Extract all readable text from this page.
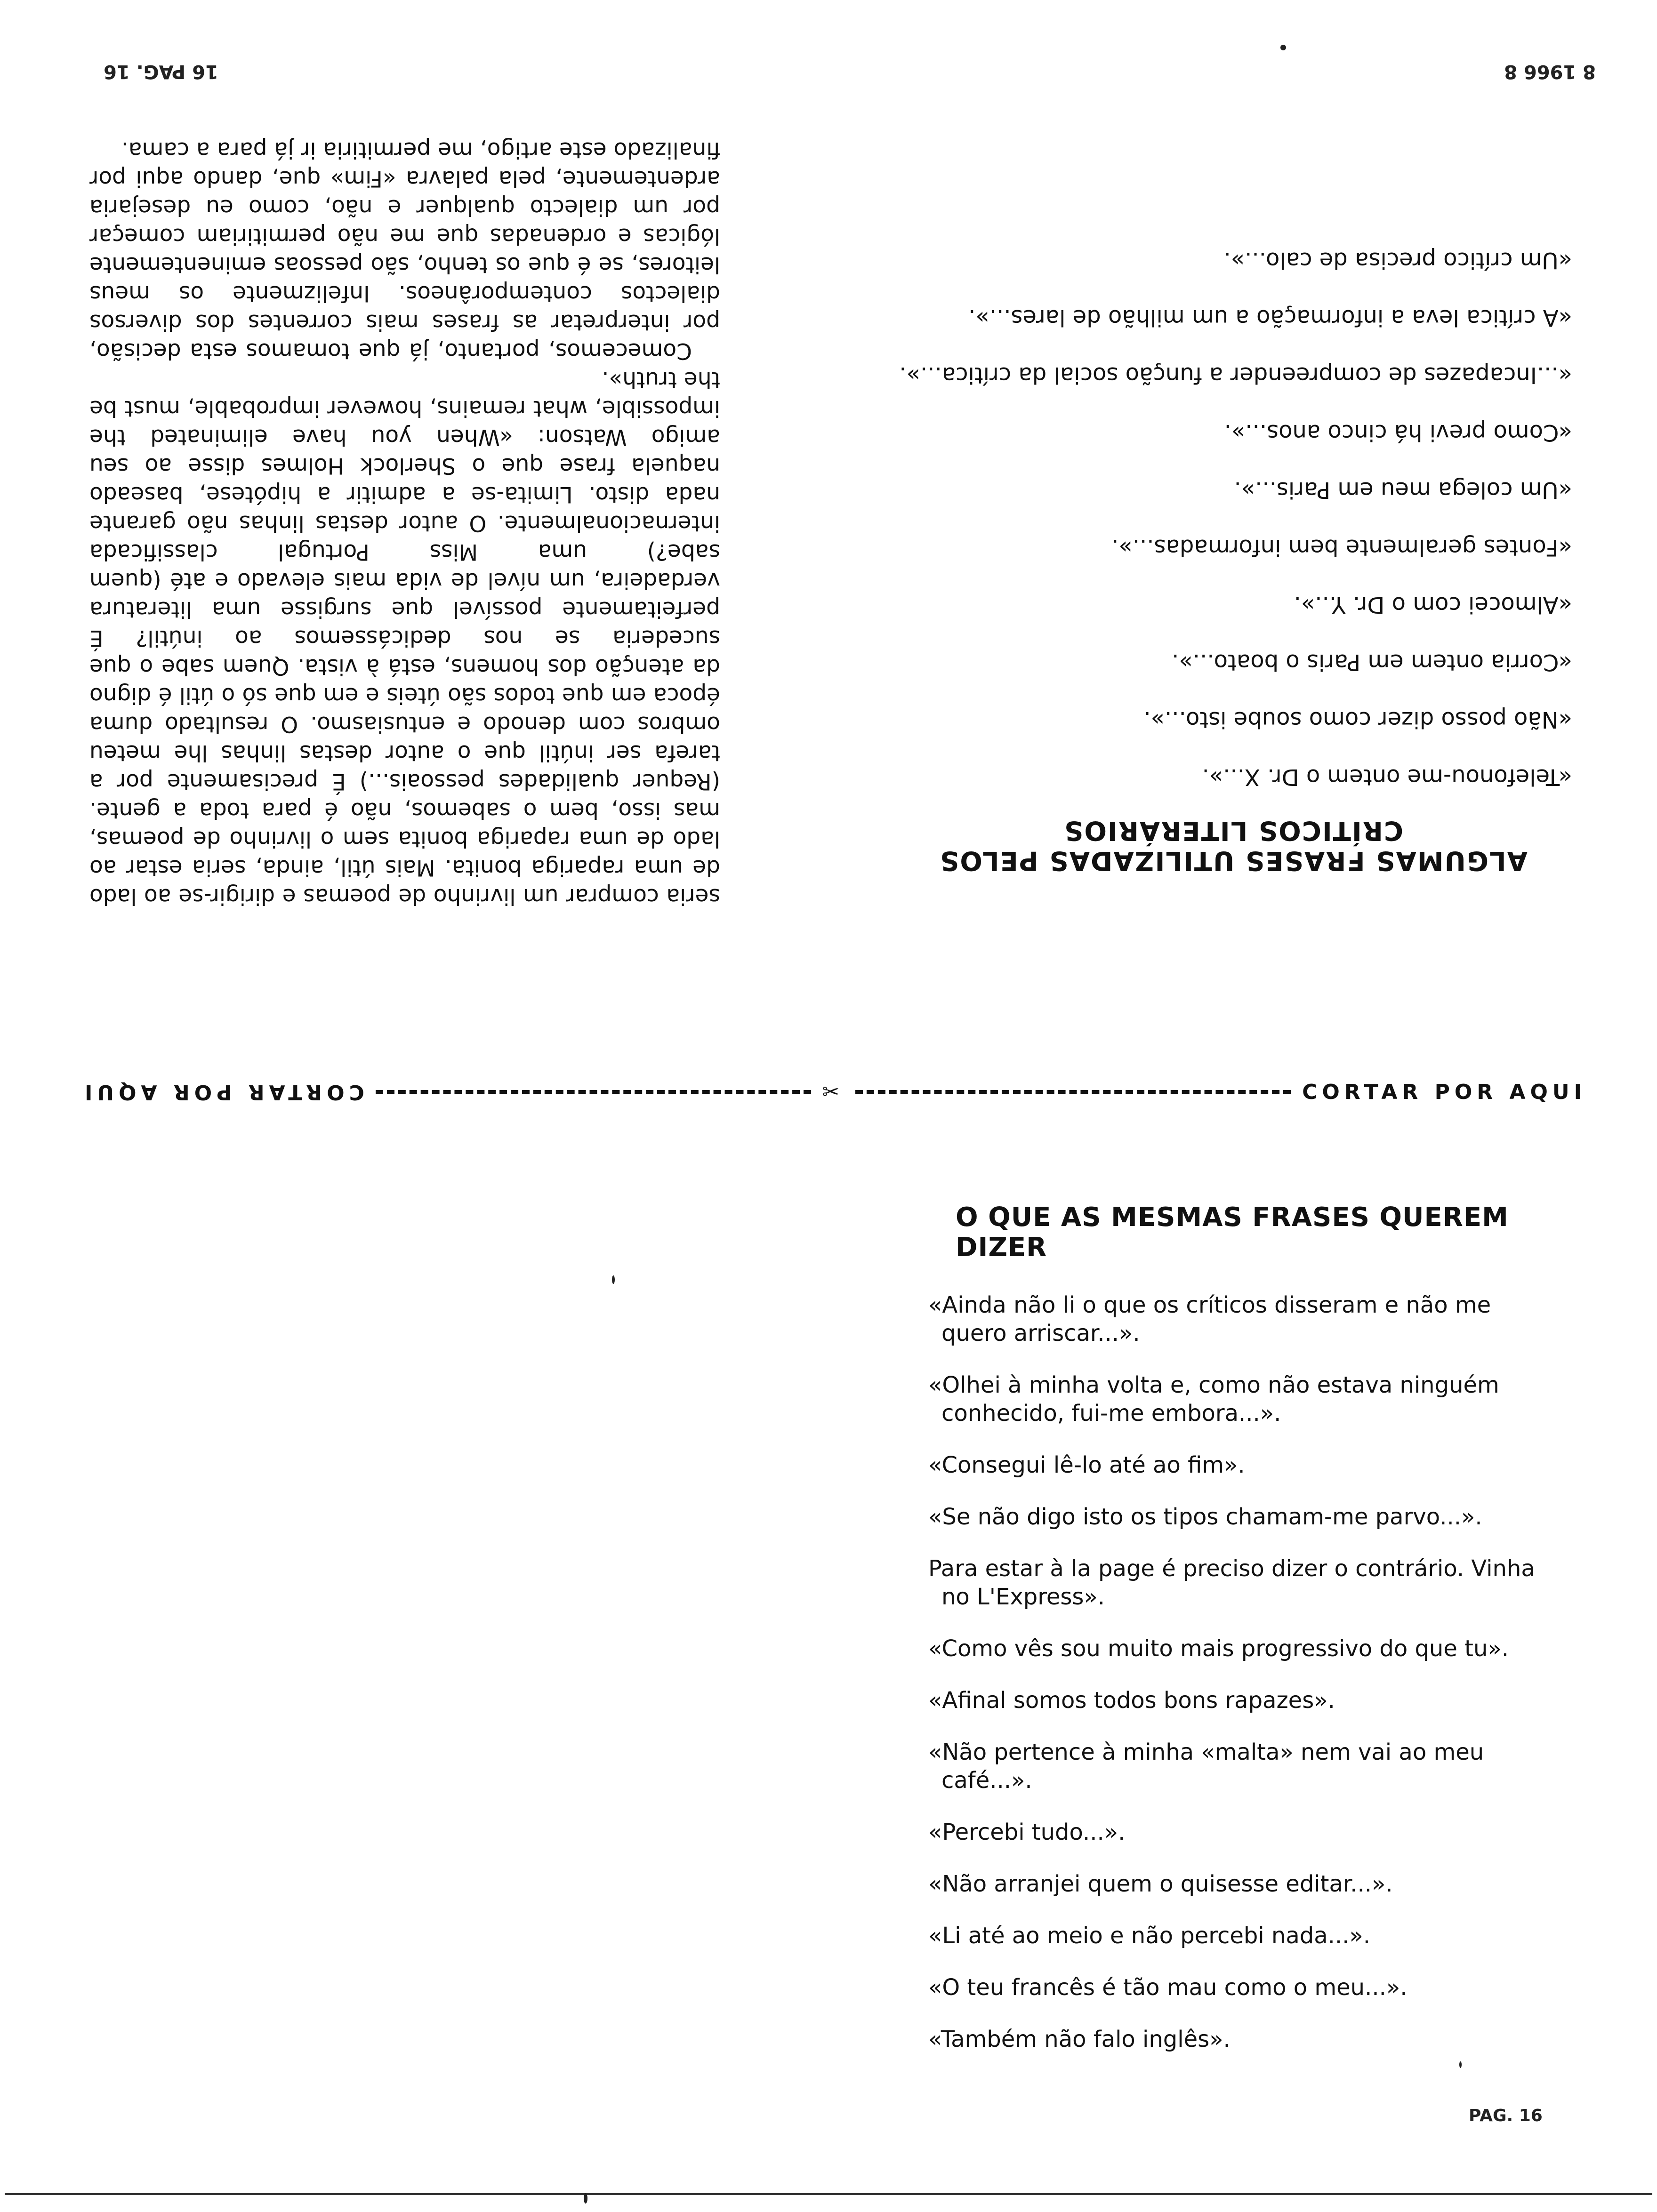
8 1966 8
16 PAG. 16
ALGUMAS FRASES UTILIZADAS PELOS CRÍTICOS LITERÁRIOS
«Telefonou-me ontem o Dr. X...».
«Não posso dizer como soube isto...».
«Corria ontem em Paris o boato...».
«Almocei com o Dr. Y...».
«Fontes geralmente bem informadas...».
«Um colega meu em Paris...».
«Como previ há cinco anos...».
«...Incapazes de compreender a função social da crítica...».
«A crítica leva a informação a um milhão de lares...».
«Um crítico precisa de calo...».

seria comprar um livrinho de poemas e dirigir-se ao lado de uma rapariga bonita. Mais útil, ainda, seria estar ao lado de uma rapariga bonita sem o livrinho de poemas, mas isso, bem o sabemos, não é para toda a gente. (Requer qualidades pessoais...) É precisamente por a tarefa ser inútil que o autor destas linhas lhe meteu ombros com denodo e entusiasmo. O resultado duma época em que todos são úteis e em que só o útil é digno da atenção dos homens, está à vista. Quem sabe o que sucederia se nos dedicássemos ao inútil? É perfeitamente possível que surgisse uma literatura verdadeira, um nível de vida mais elevado e até (quem sabe?) uma Miss Portugal classificada internacionalmente. O autor destas linhas não garante nada disto. Limita-se a admitir a hipótese, baseado naquela frase que o Sherlock Holmes disse ao seu amigo Watson: «When you have eliminated the impossible, what remains, however improbable, must be the truth».

Comecemos, portanto, já que tomamos esta decisão, por interpretar as frases mais correntes dos diversos dialectos contemporâneos. Infelizmente os meus leitores, se é que os tenho, são pessoas eminentemente lógicas e ordenadas que me não permitiriam começar por um dialecto qualquer e não, como eu desejaria ardentemente, pela palavra «Fim» que, dando aqui por finalizado este artigo, me permitiria ir já para a cama.

CORTAR POR AQUI	✂	CORTAR POR AQUI
O QUE AS MESMAS FRASES QUEREM DIZER
«Ainda não li o que os críticos disseram e não me quero arriscar...».
«Olhei à minha volta e, como não estava ninguém conhecido, fui-me embora...».
«Consegui lê-lo até ao fim».
«Se não digo isto os tipos chamam-me parvo...».
Para estar à la page é preciso dizer o contrário. Vinha no L'Express».
«Como vês sou muito mais progressivo do que tu».
«Afinal somos todos bons rapazes».
«Não pertence à minha «malta» nem vai ao meu café...».
«Percebi tudo...».
«Não arranjei quem o quisesse editar...».
«Li até ao meio e não percebi nada...».
«O teu francês é tão mau como o meu...».
«Também não falo inglês».
PAG. 16
